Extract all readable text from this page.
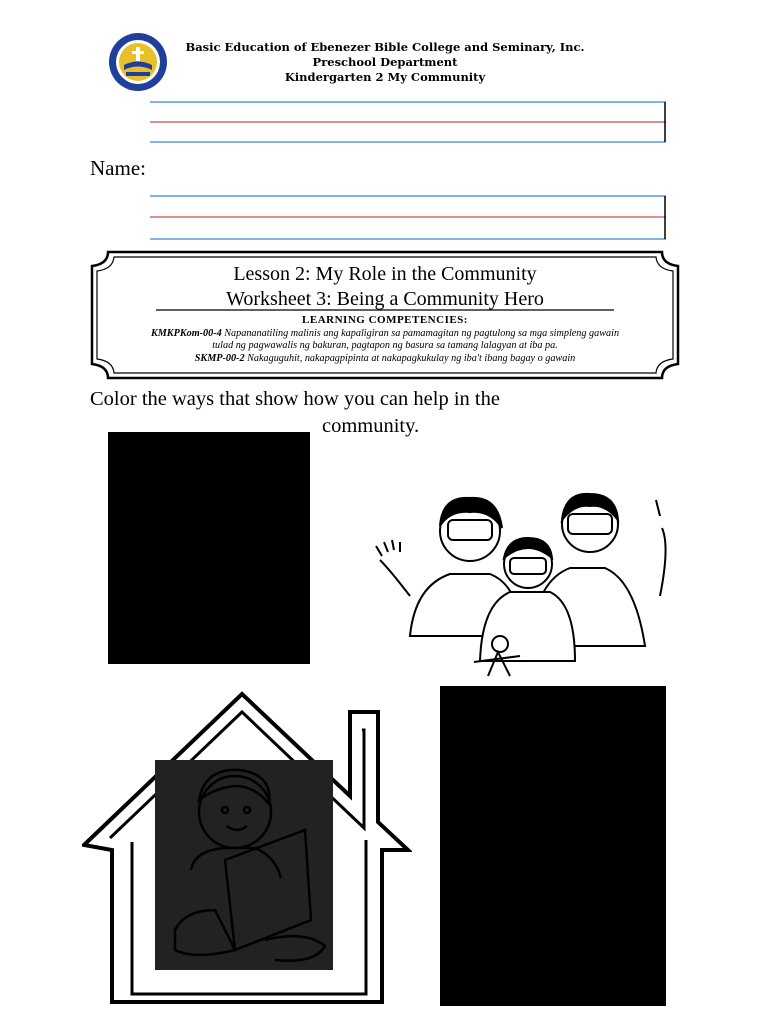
Basic Education of Ebenezer Bible College and Seminary, Inc.
Preschool Department
Kindergarten 2 My Community
Name:
Lesson 2: My Role in the Community
Worksheet 3: Being a Community Hero
LEARNING COMPETENCIES:
KMKPKom-00-4 Napananatiling malinis ang kapaligiran sa pamamagitan ng pagtulong sa mga simpleng gawain
tulad ng pagwawalis ng bakuran, pagtapon ng basura sa tamang lalagyan at iba pa.
SKMP-00-2 Nakaguguhit, nakapagpipinta at nakapagkukulay ng iba't ibang bagay o gawain
Color the ways that show how you can help in the
community.
